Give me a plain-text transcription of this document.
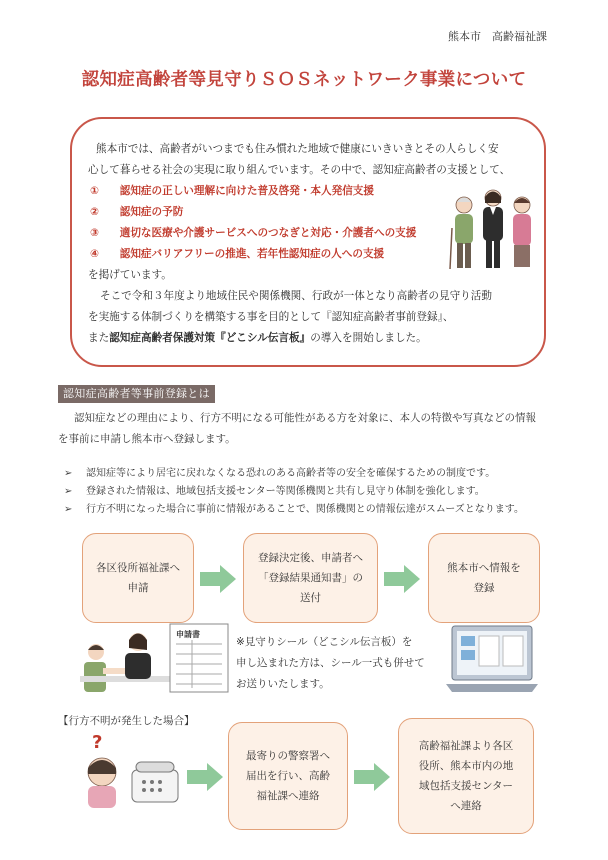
熊本市　高齢福祉課
認知症高齢者等見守りＳＯＳネットワーク事業について
熊本市では、高齢者がいつまでも住み慣れた地域で健康にいきいきとその人らしく安
心して暮らせる社会の実現に取り組んでいます。その中で、認知症高齢者の支援として、
① 認知症の正しい理解に向けた普及啓発・本人発信支援
② 認知症の予防
③ 適切な医療や介護サービスへのつなぎと対応・介護者への支援
④ 認知症バリアフリーの推進、若年性認知症の人への支援
を掲げています。
そこで令和３年度より地域住民や関係機関、行政が一体となり高齢者の見守り活動
を実施する体制づくりを構築する事を目的として『認知症高齢者事前登録』、
また認知症高齢者保護対策『どこシル伝言板』の導入を開始しました。
認知症高齢者等事前登録とは
認知症などの理由により、行方不明になる可能性がある方を対象に、本人の特徴や写真などの情報
を事前に申請し熊本市へ登録します。
➢ 認知症等により居宅に戻れなくなる恐れのある高齢者等の安全を確保するための制度です。
➢ 登録された情報は、地域包括支援センター等関係機関と共有し見守り体制を強化します。
➢ 行方不明になった場合に事前に情報があることで、関係機関との情報伝達がスムーズとなります。
各区役所福祉課へ
申請
登録決定後、申請者へ
「登録結果通知書」の
送付
熊本市へ情報を
登録
申請書
※見守りシール（どこシル伝言板）を
申し込まれた方は、シール一式も併せて
お送りいたします。
【行方不明が発生した場合】
?
最寄りの警察署へ
届出を行い、高齢
福祉課へ連絡
高齢福祉課より各区
役所、熊本市内の地
域包括支援センター
へ連絡
